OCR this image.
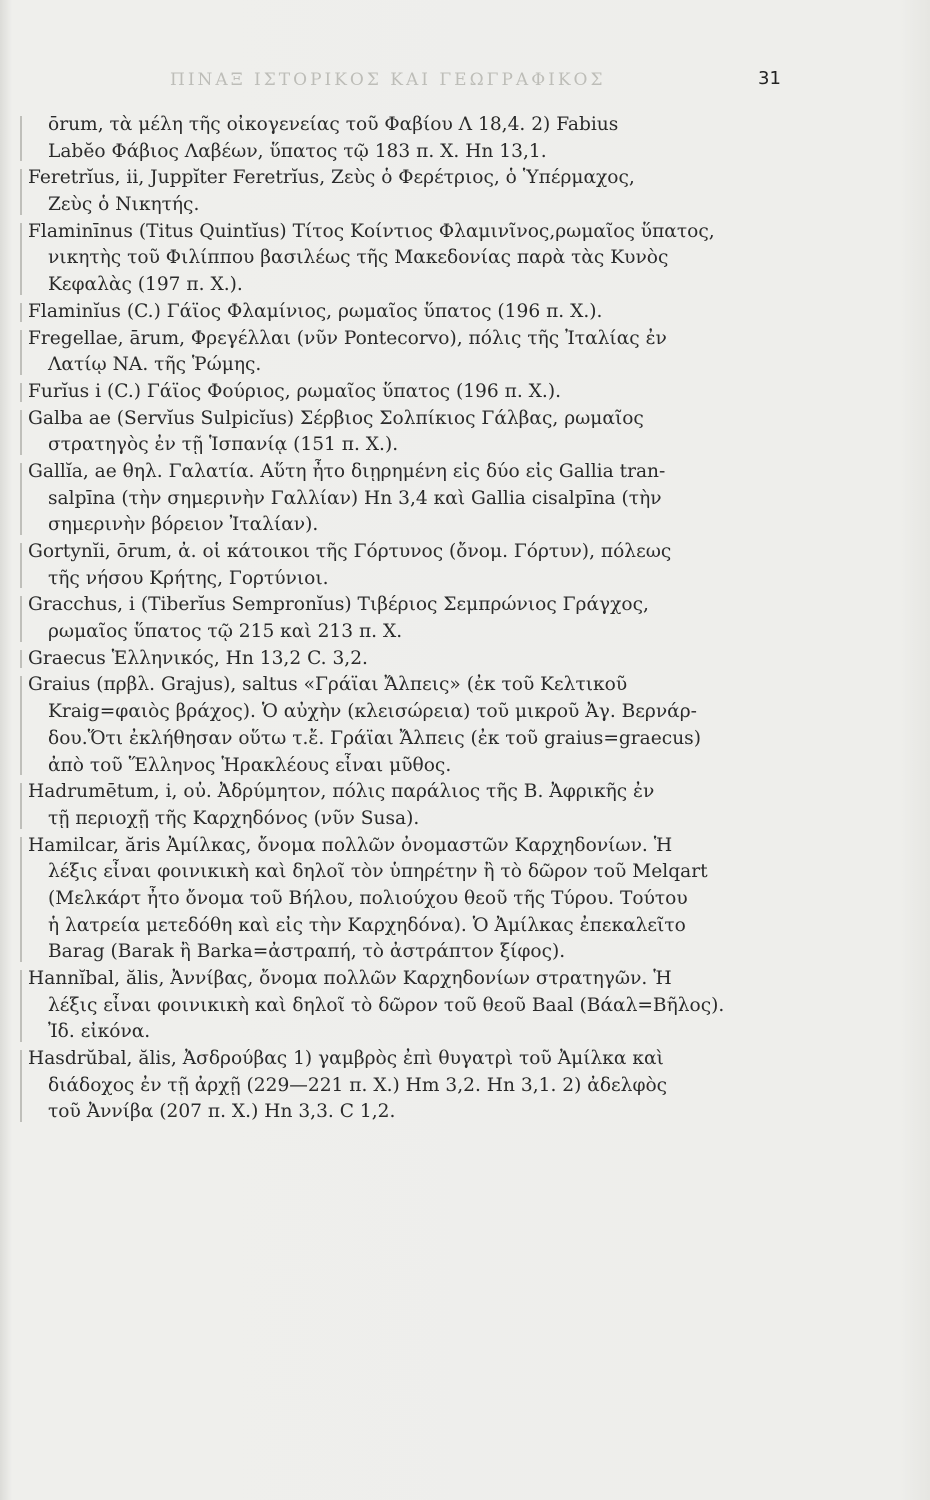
ΠΙΝΑΞ ΙΣΤΟΡΙΚΟΣ ΚΑΙ ΓΕΩΓΡΑΦΙΚΟΣ	31
ōrum, τὰ μέλη τῆς οἰκογενείας τοῦ Φαβίου Λ 18,4. 2) Fabius
Labĕo Φάβιος Λαβέων, ὕπατος τῷ 183 π. Χ. Ηn 13,1.
Feretrĭus, ii, Juppĭter Feretrĭus, Ζεὺς ὁ Φερέτριος, ὁ Ὑπέρμαχος,
Ζεὺς ὁ Νικητής.
Flaminīnus (Titus Quintĭus) Τίτος Κοίντιος Φλαμινῖνος,ρωμαῖος ὕπατος,
νικητὴς τοῦ Φιλίππου βασιλέως τῆς Μακεδονίας παρὰ τὰς Κυνὸς
Κεφαλὰς (197 π. Χ.).
Flaminĭus (C.) Γάϊος Φλαμίνιος, ρωμαῖος ὕπατος (196 π. Χ.).
Fregellae, ārum, Φρεγέλλαι (νῦν Pontecorvo), πόλις τῆς Ἰταλίας ἐν
Λατίῳ ΝΑ. τῆς Ῥώμης.
Furĭus i (C.) Γάϊος Φούριος, ρωμαῖος ὕπατος (196 π. Χ.).
Galba ae (Servĭus Sulpicĭus) Σέρβιος Σολπίκιος Γάλβας, ρωμαῖος
στρατηγὸς ἐν τῇ Ἱσπανίᾳ (151 π. Χ.).
Gallĭa, ae θηλ. Γαλατία. Αὕτη ἦτο διῃρημένη εἰς δύο εἰς Gallia tran-
salpīna (τὴν σημερινὴν Γαλλίαν) Ηn 3,4 καὶ Gallia cisalpīna (τὴν
σημερινὴν βόρειον Ἰταλίαν).
Gortynĭi, ōrum, ἀ. οἱ κάτοικοι τῆς Γόρτυνος (ὄνομ. Γόρτυν), πόλεως
τῆς νήσου Κρήτης, Γορτύνιοι.
Gracchus, i (Tiberĭus Sempronĭus) Τιβέριος Σεμπρώνιος Γράγχος,
ρωμαῖος ὕπατος τῷ 215 καὶ 213 π. Χ.
Graecus Ἑλληνικός, Ηn 13,2 C. 3,2.
Graius (πρβλ. Grajus), saltus «Γράϊαι Ἄλπεις» (ἐκ τοῦ Κελτικοῦ
Kraig=φαιὸς βράχος). Ὁ αὐχὴν (κλεισώρεια) τοῦ μικροῦ Ἀγ. Βερνάρ-
δου.Ὅτι ἐκλήθησαν οὕτω τ.ἔ. Γράϊαι Ἄλπεις (ἐκ τοῦ graius=graecus)
ἀπὸ τοῦ Ἕλληνος Ἡρακλέους εἶναι μῦθος.
Hadrumētum, i, οὐ. Ἀδρύμητον, πόλις παράλιος τῆς Β. Ἀφρικῆς ἐν
τῇ περιοχῇ τῆς Καρχηδόνος (νῦν Susa).
Hamilcar, ăris Ἀμίλκας, ὄνομα πολλῶν ὀνομαστῶν Καρχηδονίων. Ἡ
λέξις εἶναι φοινικικὴ καὶ δηλοῖ τὸν ὑπηρέτην ἢ τὸ δῶρον τοῦ Melqart
(Μελκάρτ ἦτο ὄνομα τοῦ Βήλου, πολιούχου θεοῦ τῆς Τύρου. Τούτου
ἡ λατρεία μετεδόθη καὶ εἰς τὴν Καρχηδόνα). Ὁ Ἀμίλκας ἐπεκαλεῖτο
Barag (Barak ἢ Barka=ἀστραπή, τὸ ἀστράπτον ξίφος).
Hannĭbal, ălis, Ἀννίβας, ὄνομα πολλῶν Καρχηδονίων στρατηγῶν. Ἡ
λέξις εἶναι φοινικικὴ καὶ δηλοῖ τὸ δῶρον τοῦ θεοῦ Baal (Βάαλ=Βῆλος).
Ἰδ. εἰκόνα.
Hasdrŭbal, ălis, Ἀσδρούβας 1) γαμβρὸς ἐπὶ θυγατρὶ τοῦ Ἀμίλκα καὶ
διάδοχος ἐν τῇ ἀρχῇ (229—221 π. Χ.) Ηm 3,2. Ηn 3,1. 2) ἀδελφὸς
τοῦ Ἀννίβα (207 π. Χ.) Ηn 3,3. C 1,2.
